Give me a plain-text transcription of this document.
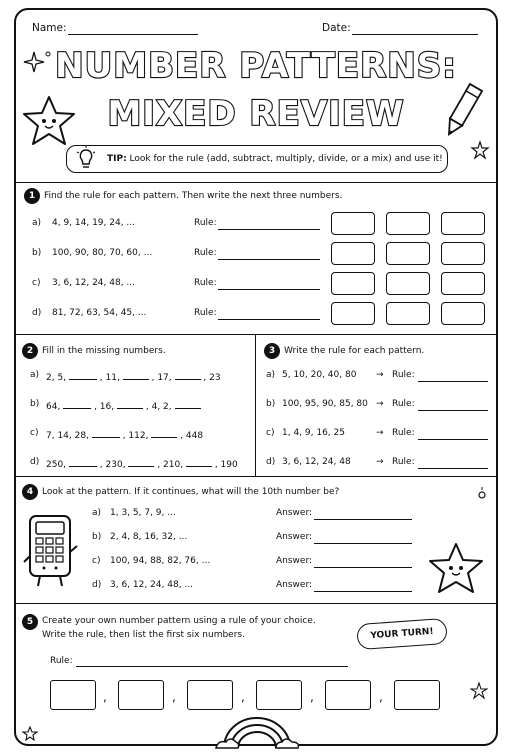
Name:	Date:
NUMBER PATTERNS:
MIXED REVIEW
TIP: Look for the rule (add, subtract, multiply, divide, or a mix) and use it!
1 Find the rule for each pattern. Then write the next three numbers.
a) 4, 9, 14, 19, 24, ...	Rule:
b) 100, 90, 80, 70, 60, ...	Rule:
c) 3, 6, 12, 24, 48, ...	Rule:
d) 81, 72, 63, 54, 45, ...	Rule:
2 Fill in the missing numbers.	3 Write the rule for each pattern.
a) 2, 5,	, 11,	, 17,	, 23
b) 64,	, 16,	, 4, 2,
c) 7, 14, 28,	, 112,	, 448
d) 250,	, 230,	, 210,	, 190
a) 5, 10, 20, 40, 80 → Rule:
b) 100, 95, 90, 85, 80 → Rule:
c) 1, 4, 9, 16, 25	→ Rule:
d) 3, 6, 12, 24, 48	→ Rule:
4 Look at the pattern. If it continues, what will the 10th number be?
a) 1, 3, 5, 7, 9, ...	Answer:
b) 2, 4, 8, 16, 32, ...	Answer:
c) 100, 94, 88, 82, 76, ...	Answer:
d) 3, 6, 12, 24, 48, ...	Answer:
5 Create your own number pattern using a rule of your choice.
Write the rule, then list the first six numbers.	YOUR TURN!
Rule:
,	,	,	,	,
